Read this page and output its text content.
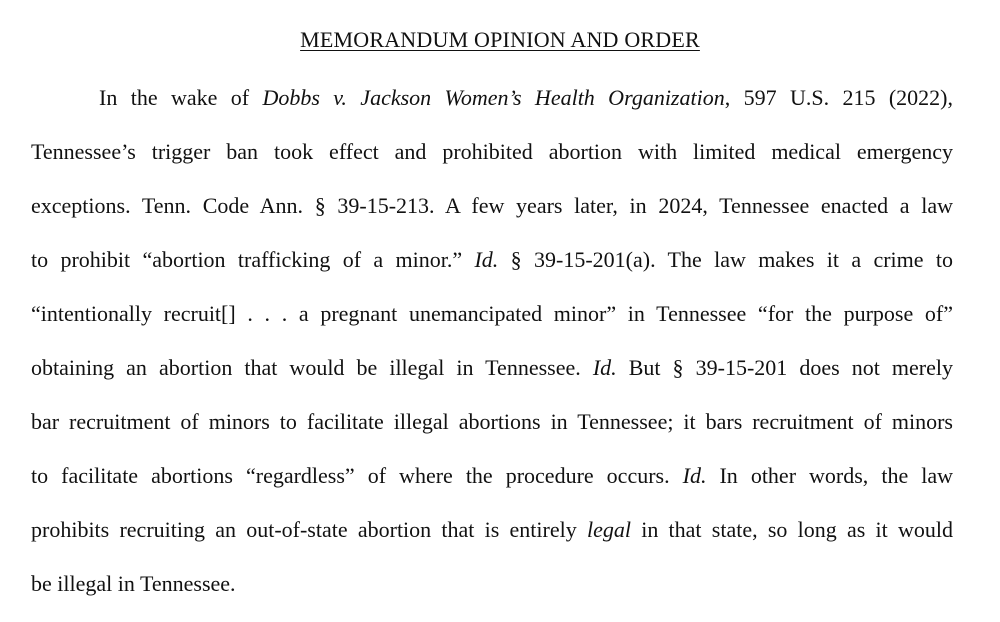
MEMORANDUM OPINION AND ORDER
In the wake of Dobbs v. Jackson Women’s Health Organization, 597 U.S. 215 (2022),
Tennessee’s trigger ban took effect and prohibited abortion with limited medical emergency
exceptions. Tenn. Code Ann. § 39-15-213. A few years later, in 2024, Tennessee enacted a law
to prohibit “abortion trafficking of a minor.” Id. § 39-15-201(a). The law makes it a crime to
“intentionally recruit[] . . . a pregnant unemancipated minor” in Tennessee “for the purpose of”
obtaining an abortion that would be illegal in Tennessee. Id. But § 39-15-201 does not merely
bar recruitment of minors to facilitate illegal abortions in Tennessee; it bars recruitment of minors
to facilitate abortions “regardless” of where the procedure occurs. Id. In other words, the law
prohibits recruiting an out-of-state abortion that is entirely legal in that state, so long as it would
be illegal in Tennessee.
